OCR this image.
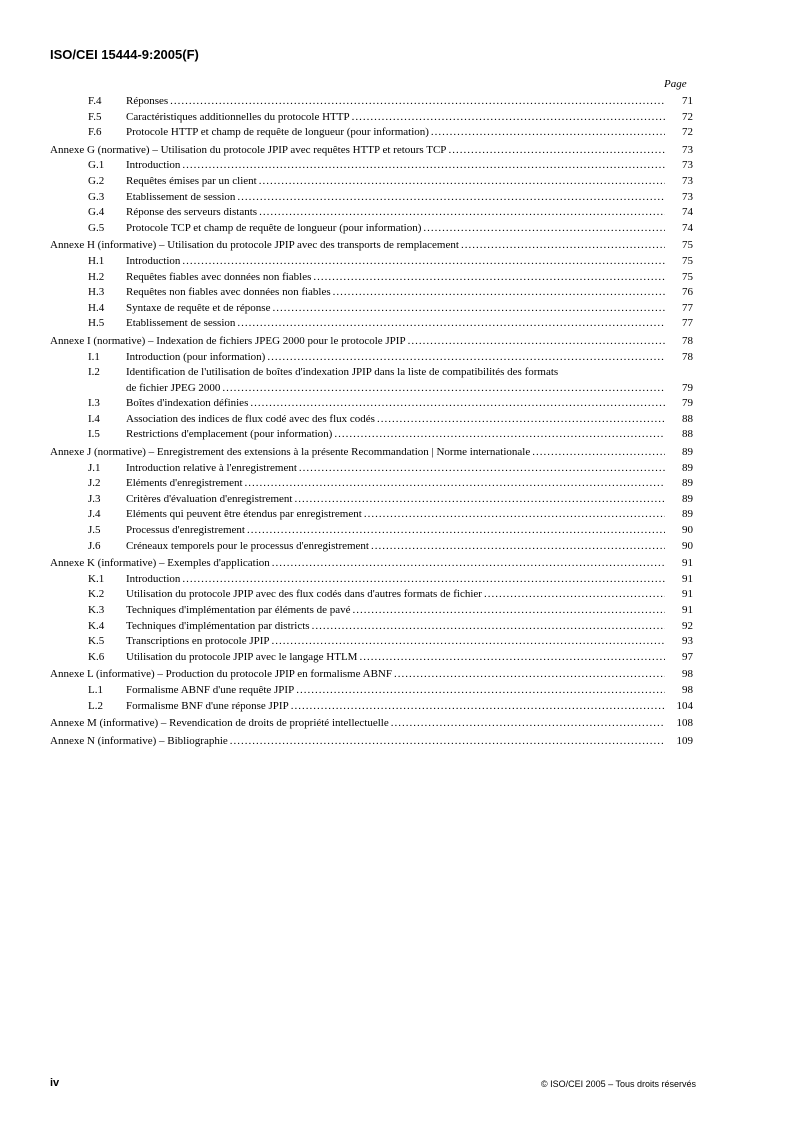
ISO/CEI 15444-9:2005(F)
Page
F.4	Réponses .....	71
F.5	Caractéristiques additionnelles du protocole HTTP .....	72
F.6	Protocole HTTP et champ de requête de longueur (pour information) .....	72
Annexe G (normative) – Utilisation du protocole JPIP avec requêtes HTTP et retours TCP .....	73
G.1	Introduction .....	73
G.2	Requêtes émises par un client .....	73
G.3	Etablissement de session .....	73
G.4	Réponse des serveurs distants .....	74
G.5	Protocole TCP et champ de requête de longueur (pour information) .....	74
Annexe H (informative) – Utilisation du protocole JPIP avec des transports de remplacement .....	75
H.1	Introduction .....	75
H.2	Requêtes fiables avec données non fiables .....	75
H.3	Requêtes non fiables avec données non fiables .....	76
H.4	Syntaxe de requête et de réponse .....	77
H.5	Etablissement de session .....	77
Annexe I (normative) – Indexation de fichiers JPEG 2000 pour le protocole JPIP .....	78
I.1	Introduction (pour information) .....	78
I.2	Identification de l'utilisation de boîtes d'indexation JPIP dans la liste de compatibilités des formats
de fichier JPEG 2000 .....	79
I.3	Boîtes d'indexation définies .....	79
I.4	Association des indices de flux codé avec des flux codés .....	88
I.5	Restrictions d'emplacement (pour information) .....	88
Annexe J (normative) – Enregistrement des extensions à la présente Recommandation | Norme internationale .....	89
J.1	Introduction relative à l'enregistrement .....	89
J.2	Eléments d'enregistrement .....	89
J.3	Critères d'évaluation d'enregistrement .....	89
J.4	Eléments qui peuvent être étendus par enregistrement .....	89
J.5	Processus d'enregistrement .....	90
J.6	Créneaux temporels pour le processus d'enregistrement .....	90
Annexe K (informative) – Exemples d'application .....	91
K.1	Introduction .....	91
K.2	Utilisation du protocole JPIP avec des flux codés dans d'autres formats de fichier .....	91
K.3	Techniques d'implémentation par éléments de pavé .....	91
K.4	Techniques d'implémentation par districts .....	92
K.5	Transcriptions en protocole JPIP .....	93
K.6	Utilisation du protocole JPIP avec le langage HTLM .....	97
Annexe L (informative) – Production du protocole JPIP en formalisme ABNF .....	98
L.1	Formalisme ABNF d'une requête JPIP .....	98
L.2	Formalisme BNF d'une réponse JPIP .....	104
Annexe M (informative) – Revendication de droits de propriété intellectuelle .....	108
Annexe N (informative) – Bibliographie .....	109
iv	© ISO/CEI 2005 – Tous droits réservés
